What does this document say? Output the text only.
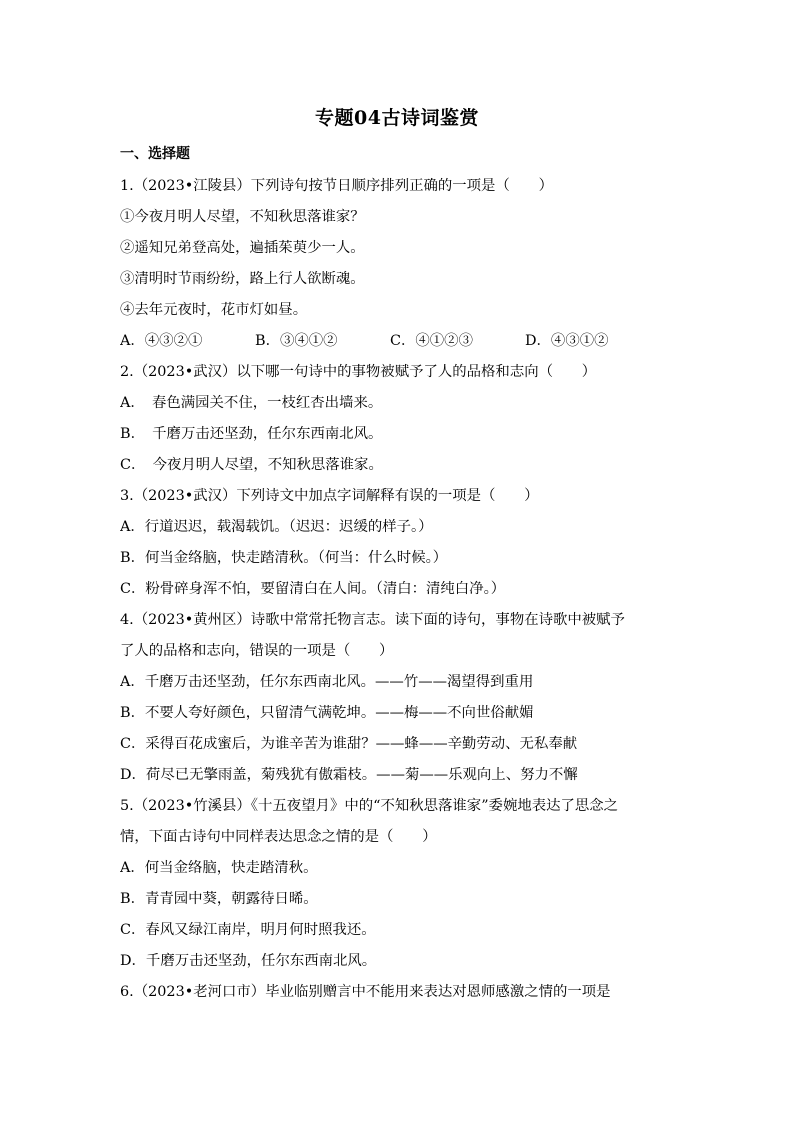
专题04古诗词鉴赏
一、选择题
1.（2023•江陵县）下列诗句按节日顺序排列正确的一项是（　　）
①今夜月明人尽望，不知秋思落谁家？
②遥知兄弟登高处，遍插茱萸少一人。
③清明时节雨纷纷，路上行人欲断魂。
④去年元夜时，花市灯如昼。
A．④③②①	B．③④①②	C．④①②③	D．④③①②
2.（2023•武汉）以下哪一句诗中的事物被赋予了人的品格和志向（　　）
A．　春色满园关不住，一枝红杏出墙来。
B．　千磨万击还坚劲，任尔东西南北风。
C．　今夜月明人尽望，不知秋思落谁家。
3.（2023•武汉）下列诗文中加点字词解释有误的一项是（　　）
A．行道迟迟，载渴载饥。（迟迟：迟缓的样子。）
B．何当金络脑，快走踏清秋。（何当：什么时候。）
C．粉骨碎身浑不怕，要留清白在人间。（清白：清纯白净。）
4.（2023•黄州区）诗歌中常常托物言志。读下面的诗句，事物在诗歌中被赋予
了人的品格和志向，错误的一项是（　　）
A．千磨万击还坚劲，任尔东西南北风。——竹——渴望得到重用
B．不要人夸好颜色，只留清气满乾坤。——梅——不向世俗献媚
C．采得百花成蜜后，为谁辛苦为谁甜？——蜂——辛勤劳动、无私奉献
D．荷尽已无擎雨盖，菊残犹有傲霜枝。——菊——乐观向上、努力不懈
5.（2023•竹溪县）《十五夜望月》中的“不知秋思落谁家”委婉地表达了思念之
情，下面古诗句中同样表达思念之情的是（　　）
A．何当金络脑，快走踏清秋。
B．青青园中葵，朝露待日晞。
C．春风又绿江南岸，明月何时照我还。
D．千磨万击还坚劲，任尔东西南北风。
6.（2023•老河口市）毕业临别赠言中不能用来表达对恩师感激之情的一项是
